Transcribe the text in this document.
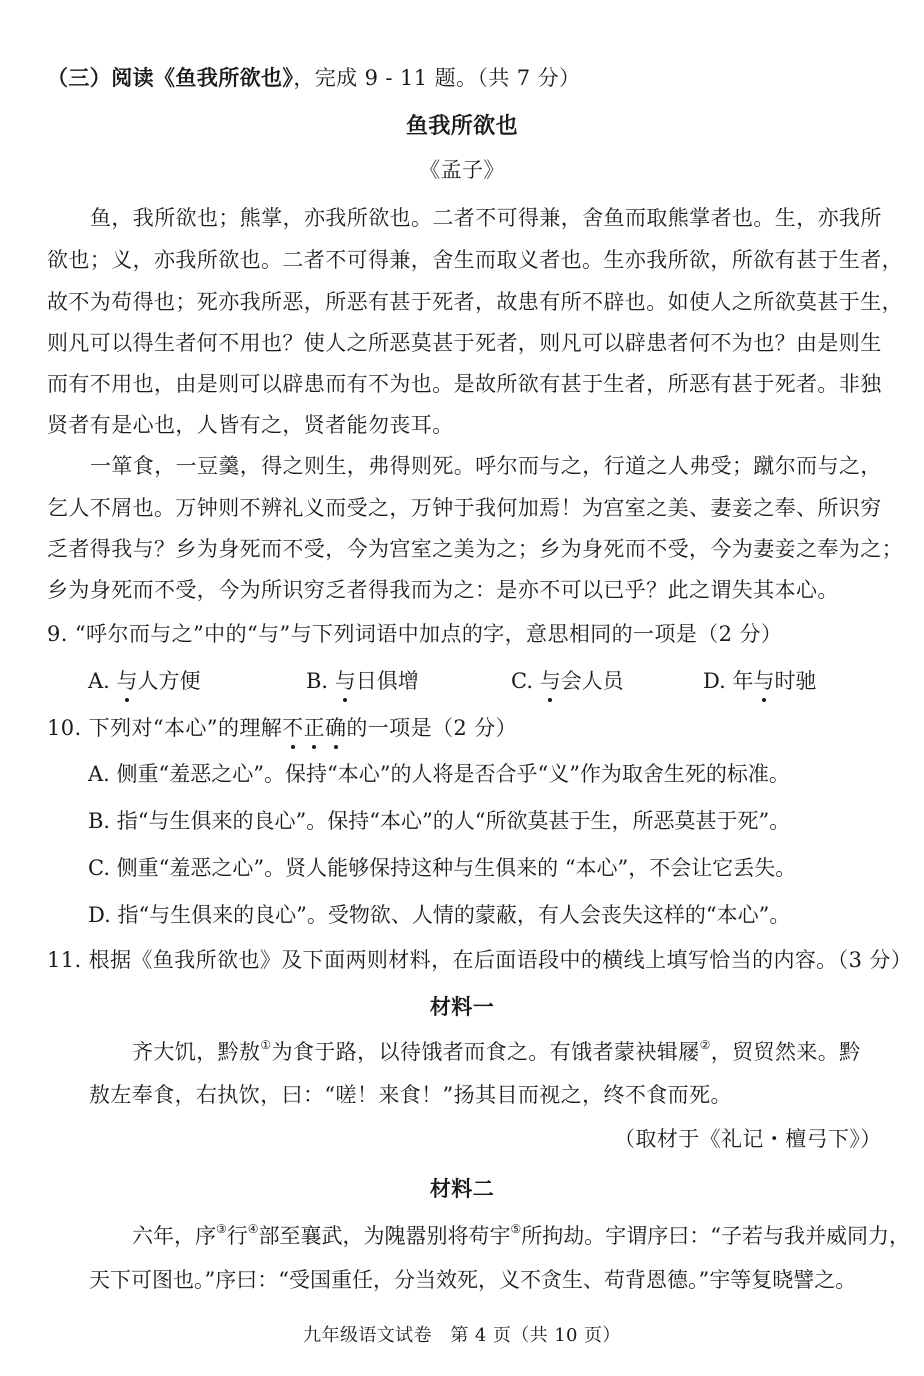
（三）阅读《鱼我所欲也》，完成 9 - 11 题。（共 7 分）
鱼我所欲也
《孟子》
鱼，我所欲也；熊掌，亦我所欲也。二者不可得兼，舍鱼而取熊掌者也。生，亦我所
欲也；义，亦我所欲也。二者不可得兼，舍生而取义者也。生亦我所欲，所欲有甚于生者，
故不为苟得也；死亦我所恶，所恶有甚于死者，故患有所不辟也。如使人之所欲莫甚于生，
则凡可以得生者何不用也？使人之所恶莫甚于死者，则凡可以辟患者何不为也？由是则生
而有不用也，由是则可以辟患而有不为也。是故所欲有甚于生者，所恶有甚于死者。非独
贤者有是心也，人皆有之，贤者能勿丧耳。
一箪食，一豆羹，得之则生，弗得则死。呼尔而与之，行道之人弗受；蹴尔而与之，
乞人不屑也。万钟则不辨礼义而受之，万钟于我何加焉！为宫室之美、妻妾之奉、所识穷
乏者得我与？乡为身死而不受，今为宫室之美为之；乡为身死而不受，今为妻妾之奉为之；
乡为身死而不受，今为所识穷乏者得我而为之：是亦不可以已乎？此之谓失其本心。
9. “呼尔而与之”中的“与”与下列词语中加点的字，意思相同的一项是（2 分）
A. 与人方便	B. 与日俱增	C. 与会人员	D. 年与时驰
10. 下列对“本心”的理解不正确的一项是（2 分）
A. 侧重“羞恶之心”。保持“本心”的人将是否合乎“义”作为取舍生死的标准。
B. 指“与生俱来的良心”。保持“本心”的人“所欲莫甚于生，所恶莫甚于死”。
C. 侧重“羞恶之心”。贤人能够保持这种与生俱来的 “本心”，不会让它丢失。
D. 指“与生俱来的良心”。受物欲、人情的蒙蔽，有人会丧失这样的“本心”。
11. 根据《鱼我所欲也》及下面两则材料，在后面语段中的横线上填写恰当的内容。（3 分）
材料一
齐大饥，黔敖①为食于路，以待饿者而食之。有饿者蒙袂辑屦②，贸贸然来。黔
敖左奉食，右执饮，曰：“嗟！来食！”扬其目而视之，终不食而死。
（取材于《礼记・檀弓下》）
材料二
六年，序③行④部至襄武，为隗嚣别将苟宇⑤所拘劫。宇谓序曰：“子若与我并威同力，
天下可图也。”序曰：“受国重任，分当效死，义不贪生、苟背恩德。”宇等复晓譬之。
九年级语文试卷　第 4 页（共 10 页）
